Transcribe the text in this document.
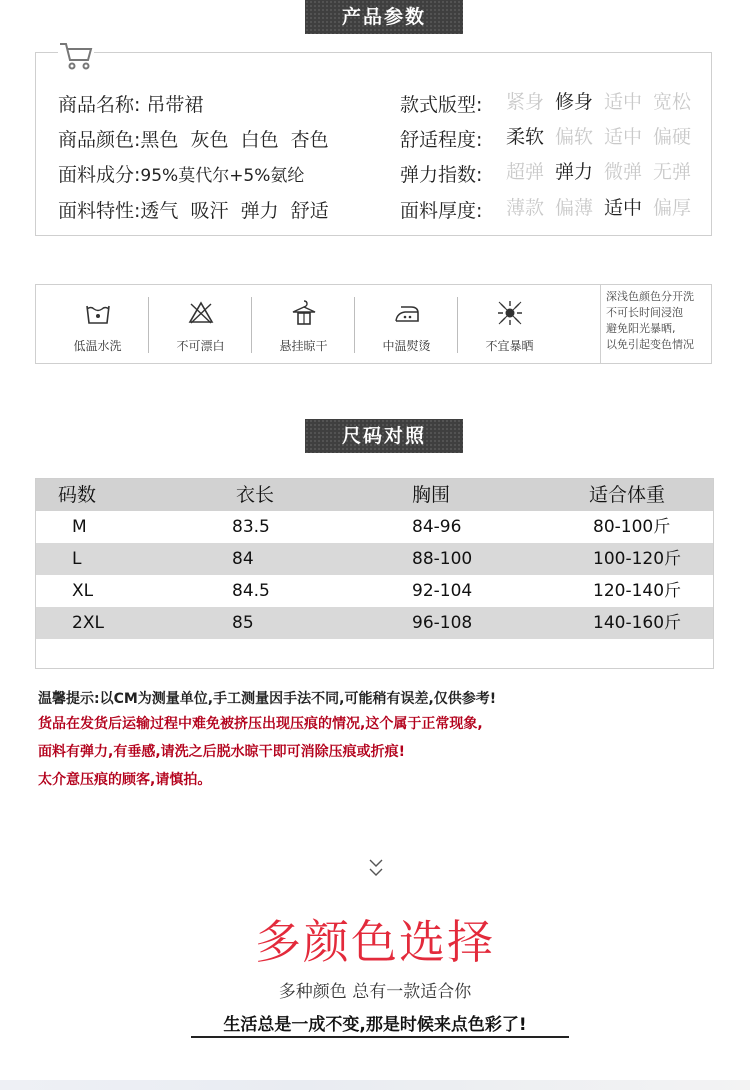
产品参数
商品名称: 吊带裙
商品颜色:黑色  灰色  白色  杏色
面料成分:95%莫代尔+5%氨纶
面料特性:透气  吸汗  弹力  舒适
款式版型: 紧身 修身 适中 宽松
舒适程度: 柔软 偏软 适中 偏硬
弹力指数: 超弹 弹力 微弹 无弹
面料厚度: 薄款 偏薄 适中 偏厚
低温水洗	不可漂白	悬挂晾干	中温熨烫	不宜暴晒
深浅色颜色分开洗
不可长时间浸泡
避免阳光暴晒,
以免引起变色情况
尺码对照
码数	衣长	胸围	适合体重
M	83.5	84-96	80-100斤
L	84	88-100	100-120斤
XL	84.5	92-104	120-140斤
2XL	85	96-108	140-160斤
温馨提示:以CM为测量单位,手工测量因手法不同,可能稍有误差,仅供参考!
货品在发货后运输过程中难免被挤压出现压痕的情况,这个属于正常现象,
面料有弹力,有垂感,请洗之后脱水晾干即可消除压痕或折痕!
太介意压痕的顾客,请慎拍。
多颜色选择
多种颜色 总有一款适合你
生活总是一成不变,那是时候来点色彩了!
